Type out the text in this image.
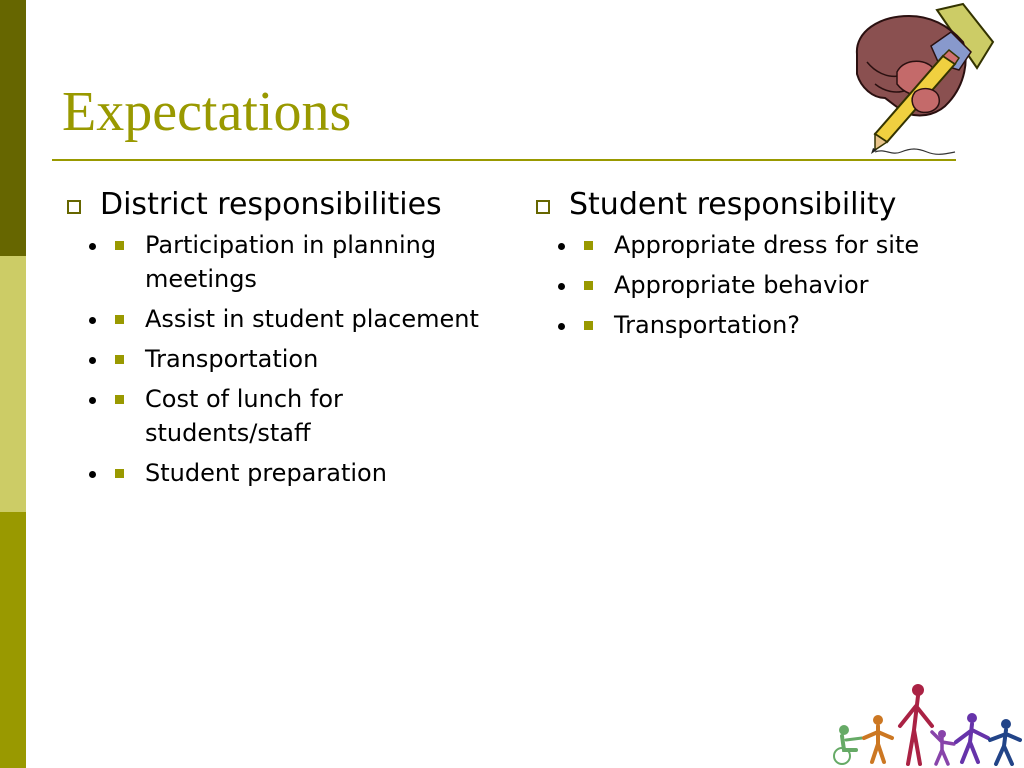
Expectations
District responsibilities
• Participation in planning meetings
• Assist in student placement
• Transportation
• Cost of lunch for students/staff
• Student preparation
Student responsibility
• Appropriate dress for site
• Appropriate behavior
• Transportation?
